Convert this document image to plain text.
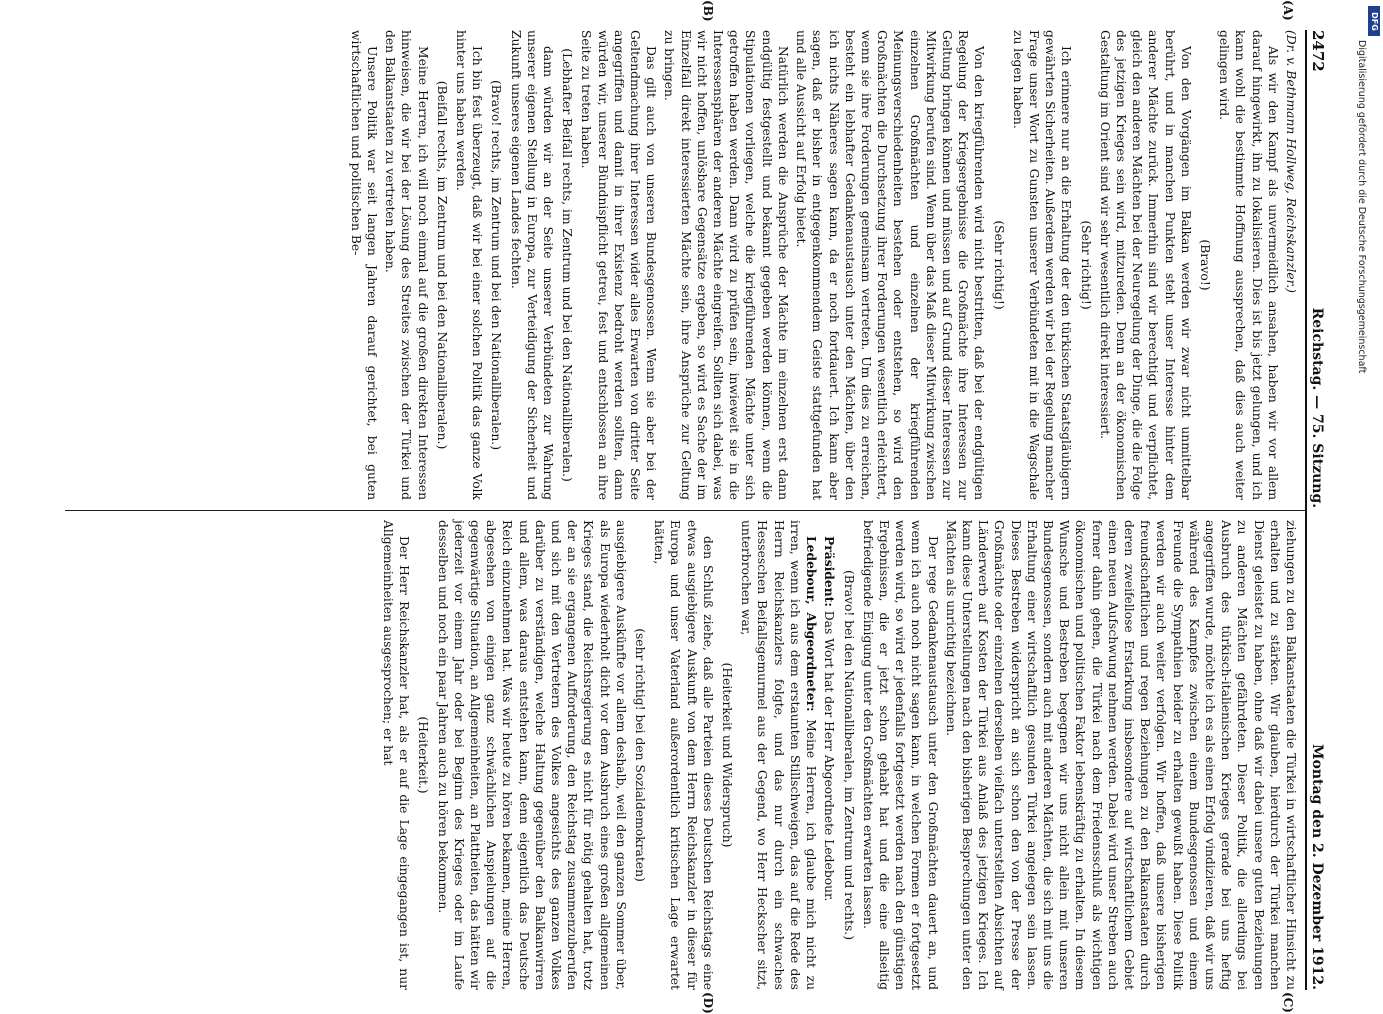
2472
Reichstag. — 75. Sitzung.
Montag den 2. Dezember 1912.

(Dr. v. Bethmann Hollweg, Reichskanzler.)

Als wir den Kampf als unvermeidlich ansahen, haben wir vor allem darauf hingewirkt, ihn zu lokalisieren. Dies ist bis jetzt gelungen, und ich kann wohl die bestimmte Hoffnung aussprechen, daß dies auch weiter gelingen wird.

(Bravo!)

Von den Vorgängen im Balkan werden wir zwar nicht unmittelbar berührt, und in manchen Punkten steht unser Interesse hinter dem anderer Mächte zurück. Immerhin sind wir berechtigt und verpflichtet, gleich den anderen Mächten bei der Neuregelung der Dinge, die die Folge des jetzigen Krieges sein wird, mitzureden. Denn an der ökonomischen Gestaltung im Orient sind wir sehr wesentlich direkt interessiert.

(Sehr richtig!)

Ich erinnere nur an die Erhaltung der den türkischen Staatsgläubigern gewährten Sicherheiten. Außerdem werden wir bei der Regelung mancher Frage unser Wort zu Gunsten unserer Verbündeten mit in die Wagschale zu legen haben.

(Sehr richtig!)

Von den kriegführenden wird nicht bestritten, daß bei der endgültigen Regelung der Kriegsergebnisse die Großmächte ihre Interessen zur Geltung bringen können und müssen und auf Grund dieser Interessen zur Mitwirkung berufen sind. Wenn über das Maß dieser Mitwirkung zwischen einzelnen Großmächten und einzelnen der kriegführenden Meinungsverschiedenheiten bestehen oder entstehen, so wird den Großmächten die Durchsetzung ihrer Forderungen wesentlich erleichtert, wenn sie ihre Forderungen gemeinsam vertreten. Um dies zu erreichen, besteht ein lebhafter Gedankenaustausch unter den Mächten, über den ich nichts Näheres sagen kann, da er noch fortdauert. Ich kann aber sagen, daß er bisher in entgegenkommendem Geiste stattgefunden hat und alle Aussicht auf Erfolg bietet.

Natürlich werden die Ansprüche der Mächte im einzelnen erst dann endgültig festgestellt und bekannt gegeben werden können, wenn die Stipulationen vorliegen, welche die kriegführenden Mächte unter sich getroffen haben werden. Dann wird zu prüfen sein, inwieweit sie in die Interessensphären der anderen Mächte eingreifen. Sollten sich dabei, was wir nicht hoffen, unlösbare Gegensätze ergeben, so wird es Sache der im Einzelfall direkt interessierten Mächte sein, ihre Ansprüche zur Geltung zu bringen.

Das gilt auch von unseren Bundesgenossen. Wenn sie aber bei der Geltendmachung ihrer Interessen wider alles Erwarten von dritter Seite angegriffen und damit in ihrer Existenz bedroht werden sollten, dann würden wir, unserer Bündnispflicht getreu, fest und entschlossen an ihre Seite zu treten haben.

(Lebhafter Beifall rechts, im Zentrum und bei den Nationalliberalen.)

dann würden wir an der Seite unserer Verbündeten zur Wahrung unserer eigenen Stellung in Europa, zur Verteidigung der Sicherheit und Zukunft unseres eigenen Landes fechten.

(Bravo! rechts, im Zentrum und bei den Nationalliberalen.)

Ich bin fest überzeugt, daß wir bei einer solchen Politik das ganze Volk hinter uns haben werden.

(Beifall rechts, im Zentrum und bei den Nationalliberalen.)

Meine Herren, ich will noch einmal auf die großen direkten Interessen hinweisen, die wir bei der Lösung des Streites zwischen der Türkei und den Balkanstaaten zu vertreten haben.

Unsere Politik war seit langen Jahren darauf gerichtet, bei guten wirtschaftlichen und politischen Be-

ziehungen zu den Balkanstaaten die Türkei in wirtschaftlicher Hinsicht zu erhalten und zu stärken. Wir glauben, hierdurch der Türkei manchen Dienst geleistet zu haben, ohne daß wir dabei unsere guten Beziehungen zu anderen Mächten gefährdeten. Dieser Politik, die allerdings bei Ausbruch des türkisch-italienischen Krieges gerade bei uns heftig angegriffen wurde, möchte ich es als einen Erfolg vindizieren, daß wir uns während des Kampfes zwischen einem Bundesgenossen und einem Freunde die Sympathien beider zu erhalten gewußt haben. Diese Politik werden wir auch weiter verfolgen. Wir hoffen, daß unsere bisherigen freundschaftlichen und regen Beziehungen zu den Balkanstaaten durch deren zweifellose Erstarkung insbesondere auf wirtschaftlichem Gebiet einen neuen Aufschwung nehmen werden. Dabei wird unser Streben auch ferner dahin gehen, die Türkei nach dem Friedensschluß als wichtigen ökonomischen und politischen Faktor lebenskräftig zu erhalten. In diesem Wunsche und Bestreben begegnen wir uns nicht allein mit unseren Bundesgenossen, sondern auch mit anderen Mächten, die sich mit uns die Erhaltung einer wirtschaftlich gesunden Türkei angelegen sein lassen. Dieses Bestreben widerspricht an sich schon den von der Presse der Großmächte oder einzelnen derselben vielfach unterstellten Absichten auf Länderwerb auf Kosten der Türkei aus Anlaß des jetzigen Krieges. Ich kann diese Unterstellungen nach den bisherigen Besprechungen unter den Mächten als unrichtig bezeichnen.

Der rege Gedankenaustausch unter den Großmächten dauert an, und wenn ich auch noch nicht sagen kann, in welchen Formen er fortgesetzt werden wird, so wird er jedenfalls fortgesetzt werden nach den günstigen Ergebnissen, die er jetzt schon gehabt hat und die eine allseitig befriedigende Einigung unter den Großmächten erwarten lassen.

(Bravo! bei den Nationalliberalen, im Zentrum und rechts.)

Präsident: Das Wort hat der Herr Abgeordnete Ledebour.

Ledebour, Abgeordneter: Meine Herren, ich glaube mich nicht zu irren, wenn ich aus dem erstaunten Stillschweigen, das auf die Rede des Herrn Reichskanzlers folgte, und das nur durch ein schwaches Hesseschen Beifallsgemurmel aus der Gegend, wo Herr Heckscher sitzt, unterbrochen war,

(Heiterkeit und Widerspruch)

den Schluß ziehe, daß alle Parteien dieses Deutschen Reichstags eine etwas ausgiebigere Auskunft von dem Herrn Reichskanzler in dieser für Europa und unser Vaterland außerordentlich kritischen Lage erwartet hätten,

(sehr richtig! bei den Sozialdemokraten)

ausgiebigere Auskünfte vor allem deshalb, weil den ganzen Sommer über, als Europa wiederholt dicht vor dem Ausbruch eines großen allgemeinen Krieges stand, die Reichsregierung es nicht für nötig gehalten hat, trotz der an sie ergangenen Aufforderung, den Reichstag zusammenzuberufen und sich mit den Vertretern des Volkes angesichts des ganzen Volkes darüber zu verständigen, welche Haltung gegenüber den Balkanwirren und allem, was daraus entstehen kann, denn eigentlich das Deutsche Reich einzunehmen hat. Was wir heute zu hören bekamen, meine Herren, abgesehen von einigen ganz schwächlichen Anspielungen auf die gegenwärtige Situation, an Allgemeinheiten, an Plattheiten, das hätten wir jederzeit vor einem Jahr oder bei Beginn des Krieges oder im Laufe desselben und noch ein paar Jahren auch zu hören bekommen.

(Heiterkeit.)

Der Herr Reichskanzler hat, als er auf die Lage eingegangen ist, nur Allgemeinheiten ausgesprochen; er hat

(A)
(B)
(C)
(D)
Digitalisierung gefördert durch die Deutsche Forschungsgemeinschaft
DFG
